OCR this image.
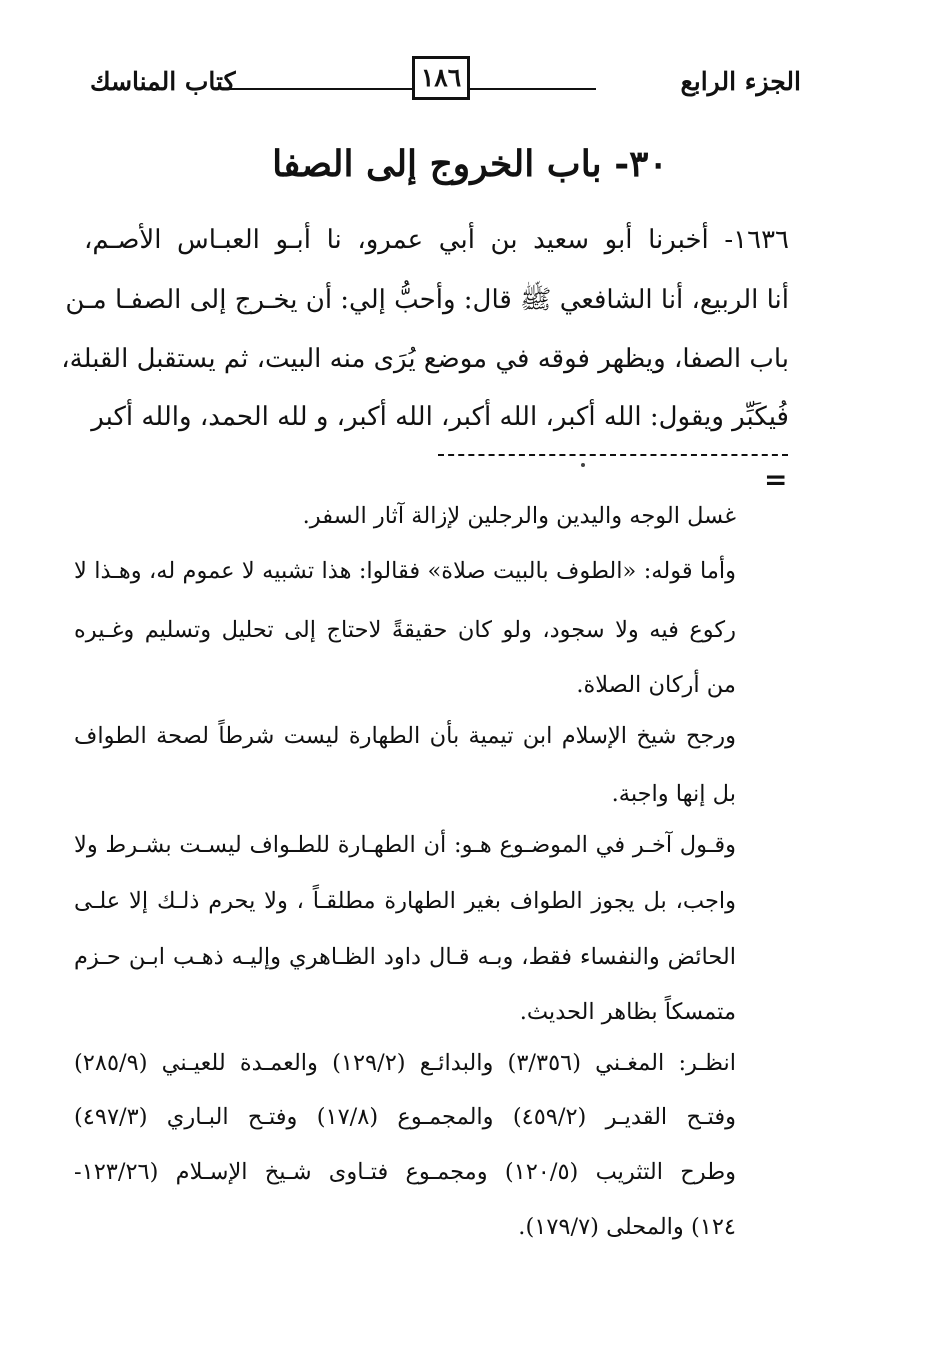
الجزء الرابع
١٨٦
كتاب المناسك
٣٠- باب الخروج إلى الصفا
١٦٣٦- أخبرنا أبو سعيد بن أبي عمرو، نا أبـو العبـاس الأصـم،
أنا الربيع، أنا الشافعي ﷺ قال: وأحبُّ إلي: أن يخـرج إلى الصفـا مـن
باب الصفا، ويظهر فوقه في موضع يُرَى منه البيت، ثم يستقبل القبلة،
فُيكَبِّر ويقول: الله أكبر، الله أكبر، الله أكبر، و لله الحمد، والله أكبر
=
غسل الوجه واليدين والرجلين لإزالة آثار السفر.
وأما قوله: «الطوف بالبيت صلاة» فقالوا: هذا تشبيه لا عموم له، وهـذا لا
ركوع فيه ولا سجود، ولو كان حقيقةً لاحتاج إلى تحليل وتسليم وغـيره
من أركان الصلاة.
ورجح شيخ الإسلام ابن تيمية بأن الطهارة ليست شرطاً لصحة الطواف
بل إنها واجبة.
وقـول آخـر في الموضـوع هـو: أن الطهـارة للطـواف ليسـت بشـرط ولا
واجب، بل يجوز الطواف بغير الطهارة مطلقـاً ، ولا يحرم ذلـك إلا علـى
الحائض والنفساء فقط، وبـه قـال داود الظـاهري وإليـه ذهـب ابـن حـزم
متمسكاً بظاهر الحديث.
انظـر: المغـني (٣/٣٥٦) والبدائـع (١٢٩/٢) والعمـدة للعيـني (٢٨٥/٩)
وفتـح القديـر (٤٥٩/٢) والمجمـوع (١٧/٨) وفتـح البـاري (٤٩٧/٣)
وطرح التثريب (١٢٠/٥) ومجمـوع فتـاوى شـيخ الإسـلام (١٢٣/٢٦-
١٢٤) والمحلى (١٧٩/٧).
